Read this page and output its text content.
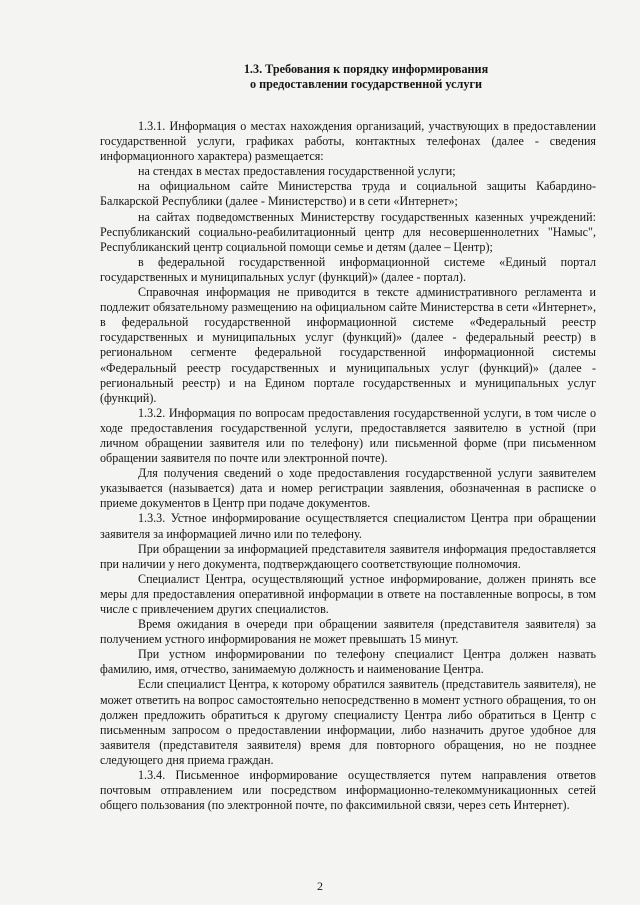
1.3. Требования к порядку информирования
о предоставлении государственной услуги

1.3.1. Информация о местах нахождения организаций, участвующих в предоставлении государственной услуги, графиках работы, контактных телефонах (далее - сведения информационного характера) размещается:

на стендах в местах предоставления государственной услуги;

на официальном сайте Министерства труда и социальной защиты Кабардино-Балкарской Республики (далее - Министерство) и в сети «Интернет»;

на сайтах подведомственных Министерству государственных казенных учреждений: Республиканский социально-реабилитационный центр для несовершеннолетних "Намыс", Республиканский центр социальной помощи семье и детям (далее – Центр);

в федеральной государственной информационной системе «Единый портал государственных и муниципальных услуг (функций)» (далее - портал).

Справочная информация не приводится в тексте административного регламента и подлежит обязательному размещению на официальном сайте Министерства в сети «Интернет», в федеральной государственной информационной системе «Федеральный реестр государственных и муниципальных услуг (функций)» (далее - федеральный реестр) в региональном сегменте федеральной государственной информационной системы «Федеральный реестр государственных и муниципальных услуг (функций)» (далее - региональный реестр) и на Едином портале государственных и муниципальных услуг (функций).

1.3.2. Информация по вопросам предоставления государственной услуги, в том числе о ходе предоставления государственной услуги, предоставляется заявителю в устной (при личном обращении заявителя или по телефону) или письменной форме (при письменном обращении заявителя по почте или электронной почте).

Для получения сведений о ходе предоставления государственной услуги заявителем указывается (называется) дата и номер регистрации заявления, обозначенная в расписке о приеме документов в Центр при подаче документов.

1.3.3. Устное информирование осуществляется специалистом Центра при обращении заявителя за информацией лично или по телефону.

При обращении за информацией представителя заявителя информация предоставляется при наличии у него документа, подтверждающего соответствующие полномочия.

Специалист Центра, осуществляющий устное информирование, должен принять все меры для предоставления оперативной информации в ответе на поставленные вопросы, в том числе с привлечением других специалистов.

Время ожидания в очереди при обращении заявителя (представителя заявителя) за получением устного информирования не может превышать 15 минут.

При устном информировании по телефону специалист Центра должен назвать фамилию, имя, отчество, занимаемую должность и наименование Центра.

Если специалист Центра, к которому обратился заявитель (представитель заявителя), не может ответить на вопрос самостоятельно непосредственно в момент устного обращения, то он должен предложить обратиться к другому специалисту Центра либо обратиться в Центр с письменным запросом о предоставлении информации, либо назначить другое удобное для заявителя (представителя заявителя) время для повторного обращения, но не позднее следующего дня приема граждан.

1.3.4. Письменное информирование осуществляется путем направления ответов почтовым отправлением или посредством информационно-телекоммуникационных сетей общего пользования (по электронной почте, по факсимильной связи, через сеть Интернет).

2
